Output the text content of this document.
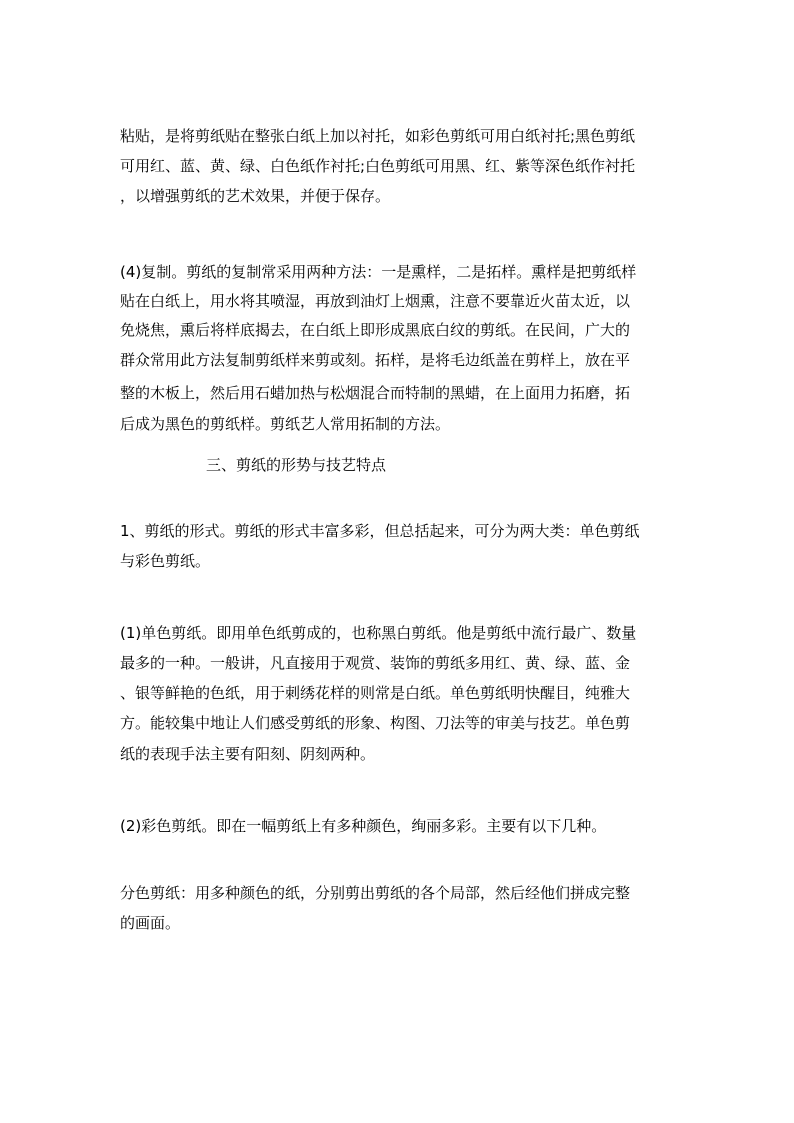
粘贴，是将剪纸贴在整张白纸上加以衬托，如彩色剪纸可用白纸衬托;黑色剪纸
可用红、蓝、黄、绿、白色纸作衬托;白色剪纸可用黑、红、紫等深色纸作衬托
，以增强剪纸的艺术效果，并便于保存。
(4)复制。剪纸的复制常采用两种方法：一是熏样，二是拓样。熏样是把剪纸样
贴在白纸上，用水将其喷湿，再放到油灯上烟熏，注意不要靠近火苗太近，以
免烧焦，熏后将样底揭去，在白纸上即形成黑底白纹的剪纸。在民间，广大的
群众常用此方法复制剪纸样来剪或刻。拓样，是将毛边纸盖在剪样上，放在平
整的木板上，然后用石蜡加热与松烟混合而特制的黑蜡，在上面用力拓磨，拓
后成为黑色的剪纸样。剪纸艺人常用拓制的方法。
三、剪纸的形势与技艺特点
1、剪纸的形式。剪纸的形式丰富多彩，但总括起来，可分为两大类：单色剪纸
与彩色剪纸。
(1)单色剪纸。即用单色纸剪成的，也称黑白剪纸。他是剪纸中流行最广、数量
最多的一种。一般讲，凡直接用于观赏、装饰的剪纸多用红、黄、绿、蓝、金
、银等鲜艳的色纸，用于刺绣花样的则常是白纸。单色剪纸明快醒目，纯雅大
方。能较集中地让人们感受剪纸的形象、构图、刀法等的审美与技艺。单色剪
纸的表现手法主要有阳刻、阴刻两种。
(2)彩色剪纸。即在一幅剪纸上有多种颜色，绚丽多彩。主要有以下几种。
分色剪纸：用多种颜色的纸，分别剪出剪纸的各个局部，然后经他们拼成完整
的画面。
